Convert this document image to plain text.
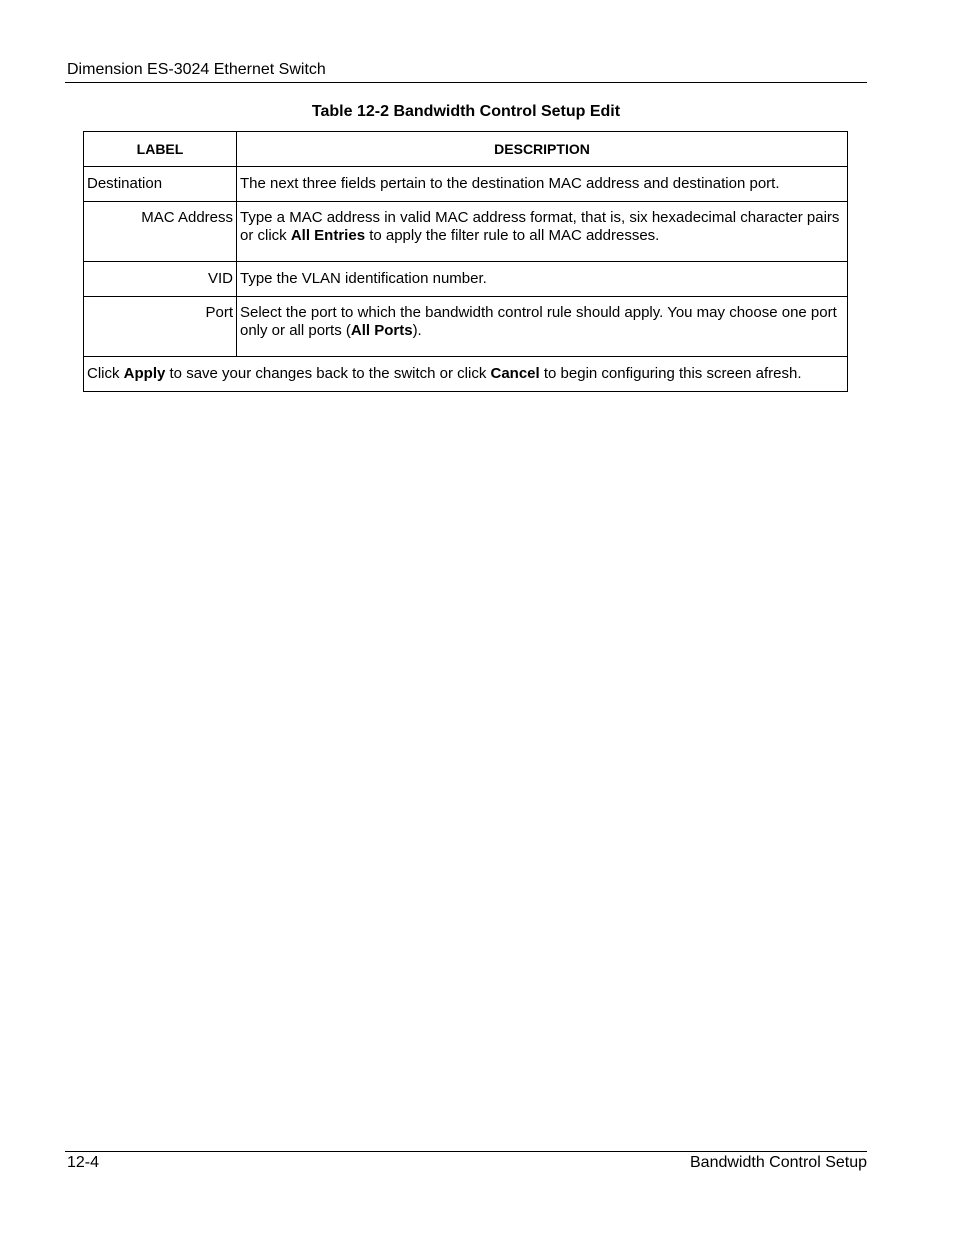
Dimension ES-3024 Ethernet Switch
Table 12-2 Bandwidth Control Setup Edit
LABEL	DESCRIPTION
Destination	The next three fields pertain to the destination MAC address and destination port.
MAC Address	Type a MAC address in valid MAC address format, that is, six hexadecimal character pairs or click All Entries to apply the filter rule to all MAC addresses.
VID	Type the VLAN identification number.
Port	Select the port to which the bandwidth control rule should apply. You may choose one port only or all ports (All Ports).
Click Apply to save your changes back to the switch or click Cancel to begin configuring this screen afresh.	
12-4	Bandwidth Control Setup
